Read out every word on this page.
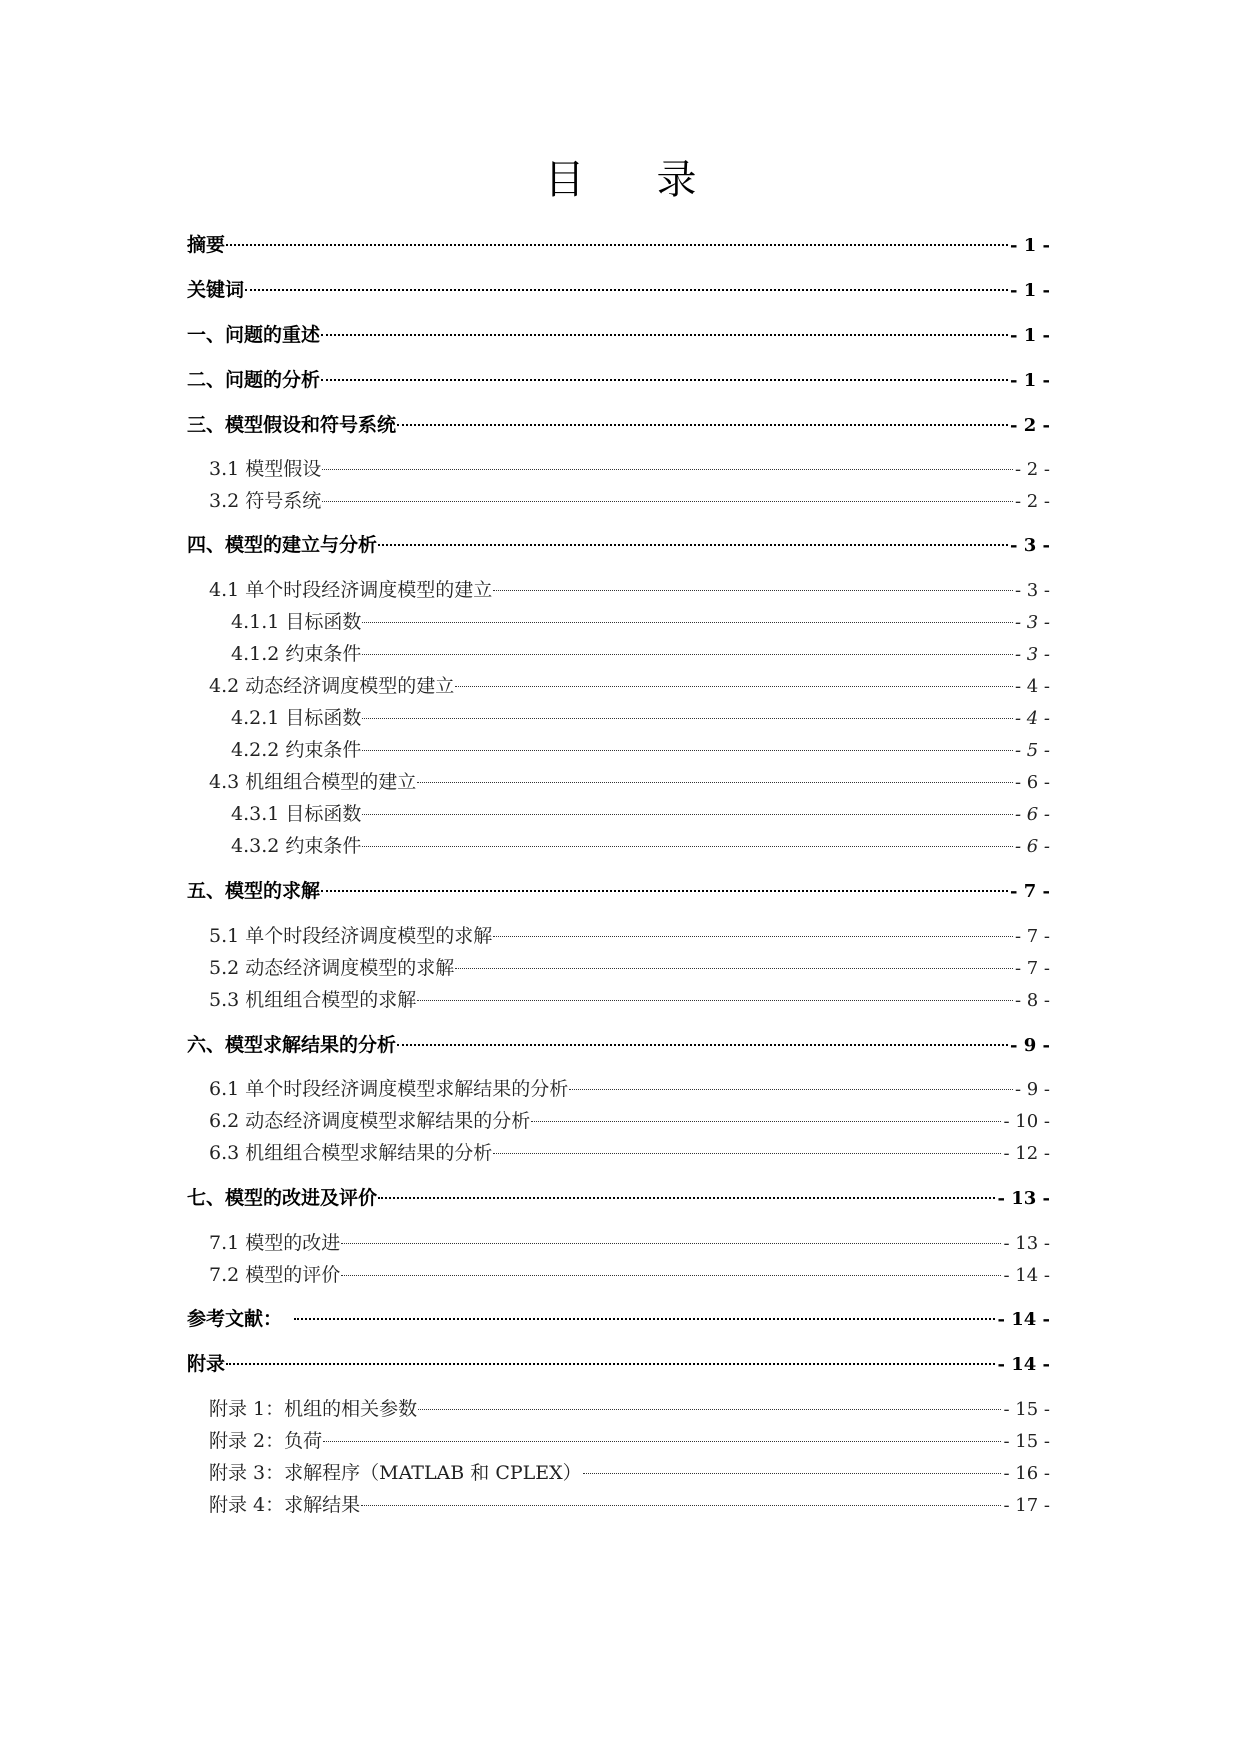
目 录
摘要	- 1 -
关键词	- 1 -
一、问题的重述	- 1 -
二、问题的分析	- 1 -
三、模型假设和符号系统	- 2 -
3.1 模型假设	- 2 -
3.2 符号系统	- 2 -
四、模型的建立与分析	- 3 -
4.1 单个时段经济调度模型的建立	- 3 -
4.1.1 目标函数	- 3 -
4.1.2 约束条件	- 3 -
4.2 动态经济调度模型的建立	- 4 -
4.2.1 目标函数	- 4 -
4.2.2 约束条件	- 5 -
4.3 机组组合模型的建立	- 6 -
4.3.1 目标函数	- 6 -
4.3.2 约束条件	- 6 -
五、模型的求解	- 7 -
5.1 单个时段经济调度模型的求解	- 7 -
5.2 动态经济调度模型的求解	- 7 -
5.3 机组组合模型的求解	- 8 -
六、模型求解结果的分析	- 9 -
6.1 单个时段经济调度模型求解结果的分析	- 9 -
6.2 动态经济调度模型求解结果的分析	- 10 -
6.3 机组组合模型求解结果的分析	- 12 -
七、模型的改进及评价	- 13 -
7.1 模型的改进	- 13 -
7.2 模型的评价	- 14 -
参考文献：	- 14 -
附录	- 14 -
附录 1：机组的相关参数	- 15 -
附录 2：负荷	- 15 -
附录 3：求解程序（MATLAB 和 CPLEX）	- 16 -
附录 4：求解结果	- 17 -
